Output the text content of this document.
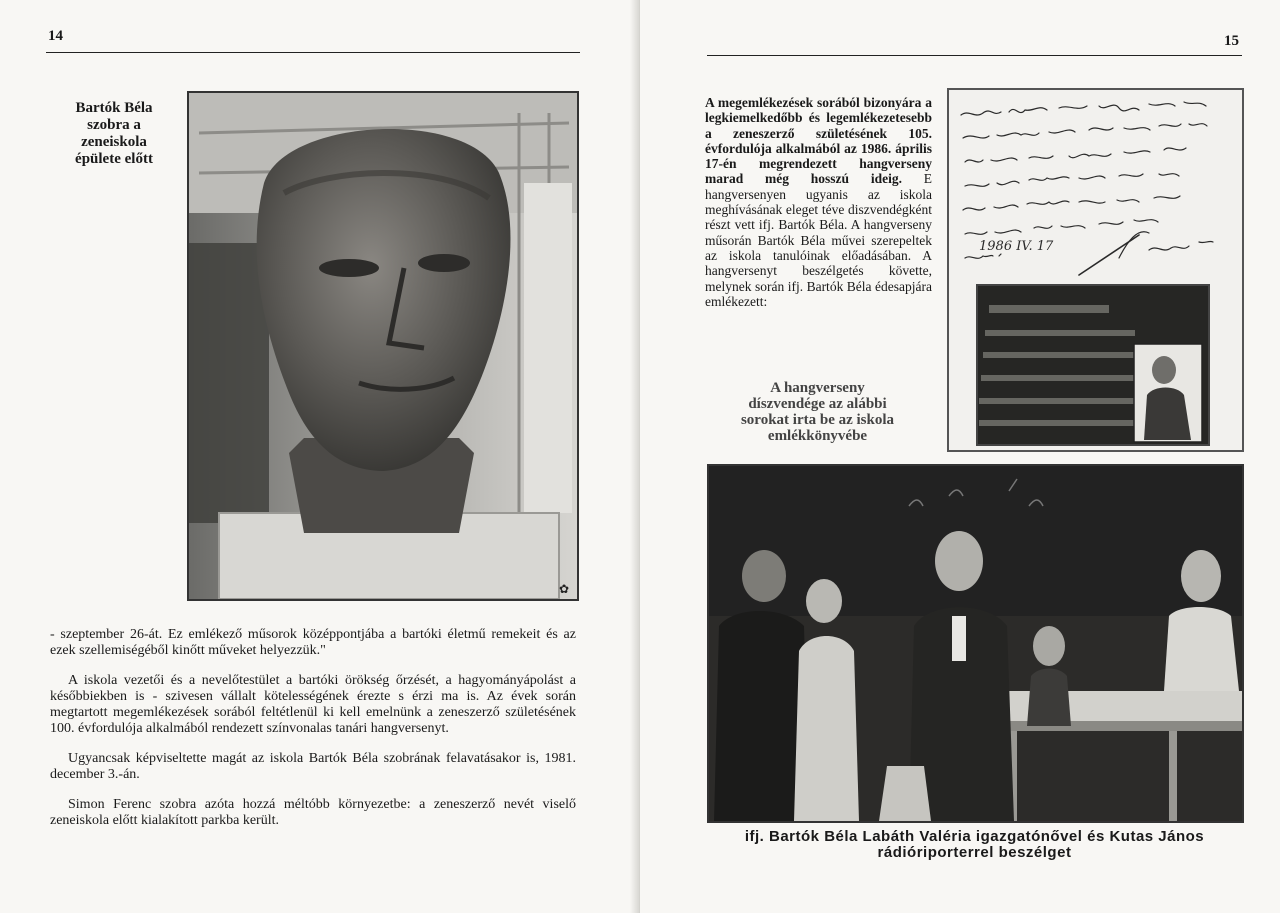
14
Bartók Béla
szobra a
zeneiskola
épülete előtt
✿

- szeptember 26-át. Ez emlékező műsorok középpontjába a bartóki életmű remekeit és az ezek szellemiségéből kinőtt műveket helyezzük."

A iskola vezetői és a nevelőtestület a bartóki örökség őrzését, a hagyományápolást a későbbiekben is - szivesen vállalt kötelességének érezte s érzi ma is. Az évek során megtartott megemlékezések sorából feltétlenül ki kell emelnünk a zeneszerző születésének 100. évfordulója alkalmából rendezett színvonalas tanári hangversenyt.

Ugyancsak képviseltette magát az iskola Bartók Béla szobrának felavatásakor is, 1981. december 3.-án.

Simon Ferenc szobra azóta hozzá méltóbb környezetbe: a zeneszerző nevét viselő zeneiskola előtt kialakított parkba került.

15
A megemlékezések sorából bizonyára a legkiemelkedőbb és legemlékezetesebb a zeneszerző születésének 105. évfordulója alkalmából az 1986. április 17-én megrendezett hangverseny marad még hosszú ideig. E hangversenyen ugyanis az iskola meghívásának eleget téve diszvendégként részt vett ifj. Bartók Béla. A hangverseny műsorán Bartók Béla művei szerepeltek az iskola tanulóinak előadásában. A hangversenyt beszélgetés követte, melynek során ifj. Bartók Béla édesapjára emlékezett:
A hangverseny
díszvendége az alábbi
sorokat irta be az iskola
emlékkönyvébe
1986 IV. 17
ifj. Bartók Béla Labáth Valéria igazgatónővel és Kutas János
rádióriporterrel beszélget
